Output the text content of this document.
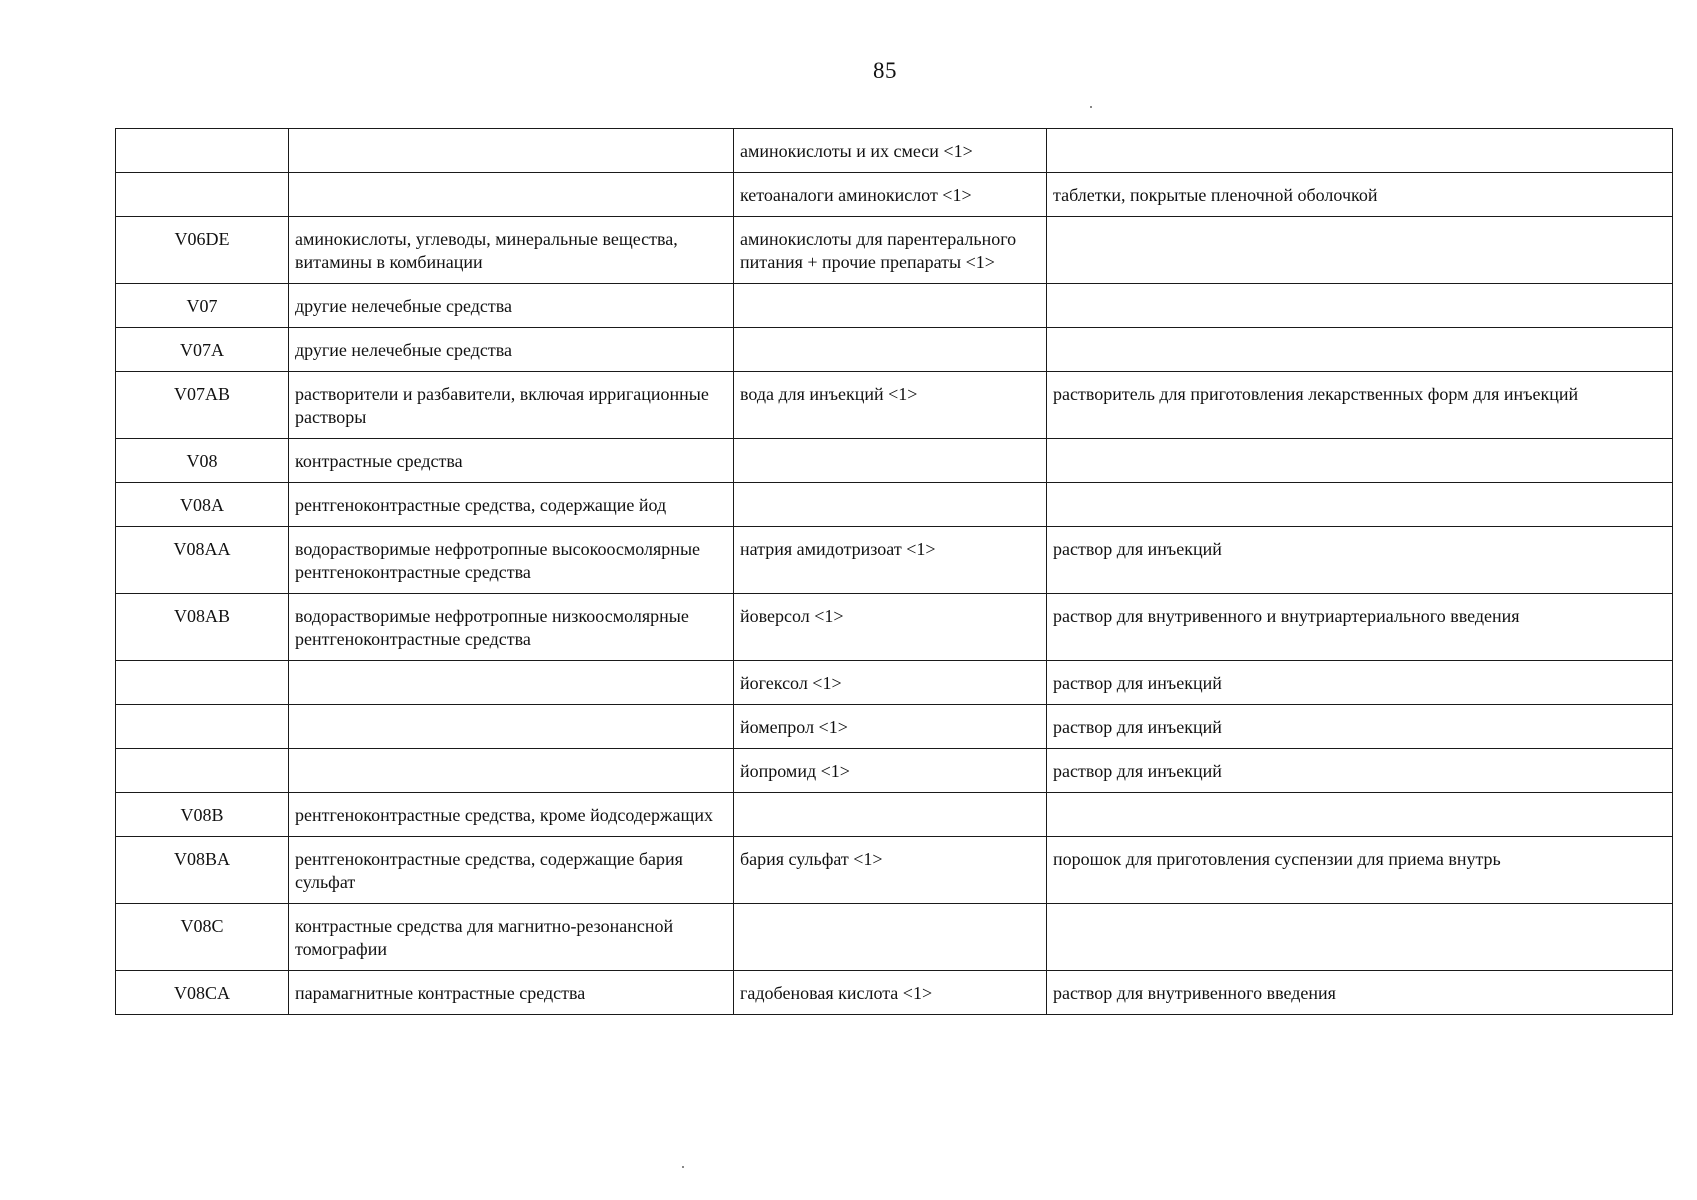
85
		аминокислоты и их смеси <1>	
		кетоаналоги аминокислот <1>	таблетки, покрытые пленочной оболочкой
V06DE	аминокислоты, углеводы, минеральные вещества, витамины в комбинации	аминокислоты для парентерального питания + прочие препараты <1>	
V07	другие нелечебные средства		
V07A	другие нелечебные средства		
V07AB	растворители и разбавители, включая ирригационные растворы	вода для инъекций <1>	растворитель для приготовления лекарственных форм для инъекций
V08	контрастные средства		
V08A	рентгеноконтрастные средства, содержащие йод		
V08AA	водорастворимые нефротропные высокоосмолярные рентгеноконтрастные средства	натрия амидотризоат <1>	раствор для инъекций
V08AB	водорастворимые нефротропные низкоосмолярные рентгеноконтрастные средства	йоверсол <1>	раствор для внутривенного и внутриартериального введения
		йогексол <1>	раствор для инъекций
		йомепрол <1>	раствор для инъекций
		йопромид <1>	раствор для инъекций
V08B	рентгеноконтрастные средства, кроме йодсодержащих		
V08BA	рентгеноконтрастные средства, содержащие бария сульфат	бария сульфат <1>	порошок для приготовления суспензии для приема внутрь
V08C	контрастные средства для магнитно-резонансной томографии		
V08CA	парамагнитные контрастные средства	гадобеновая кислота <1>	раствор для внутривенного введения
